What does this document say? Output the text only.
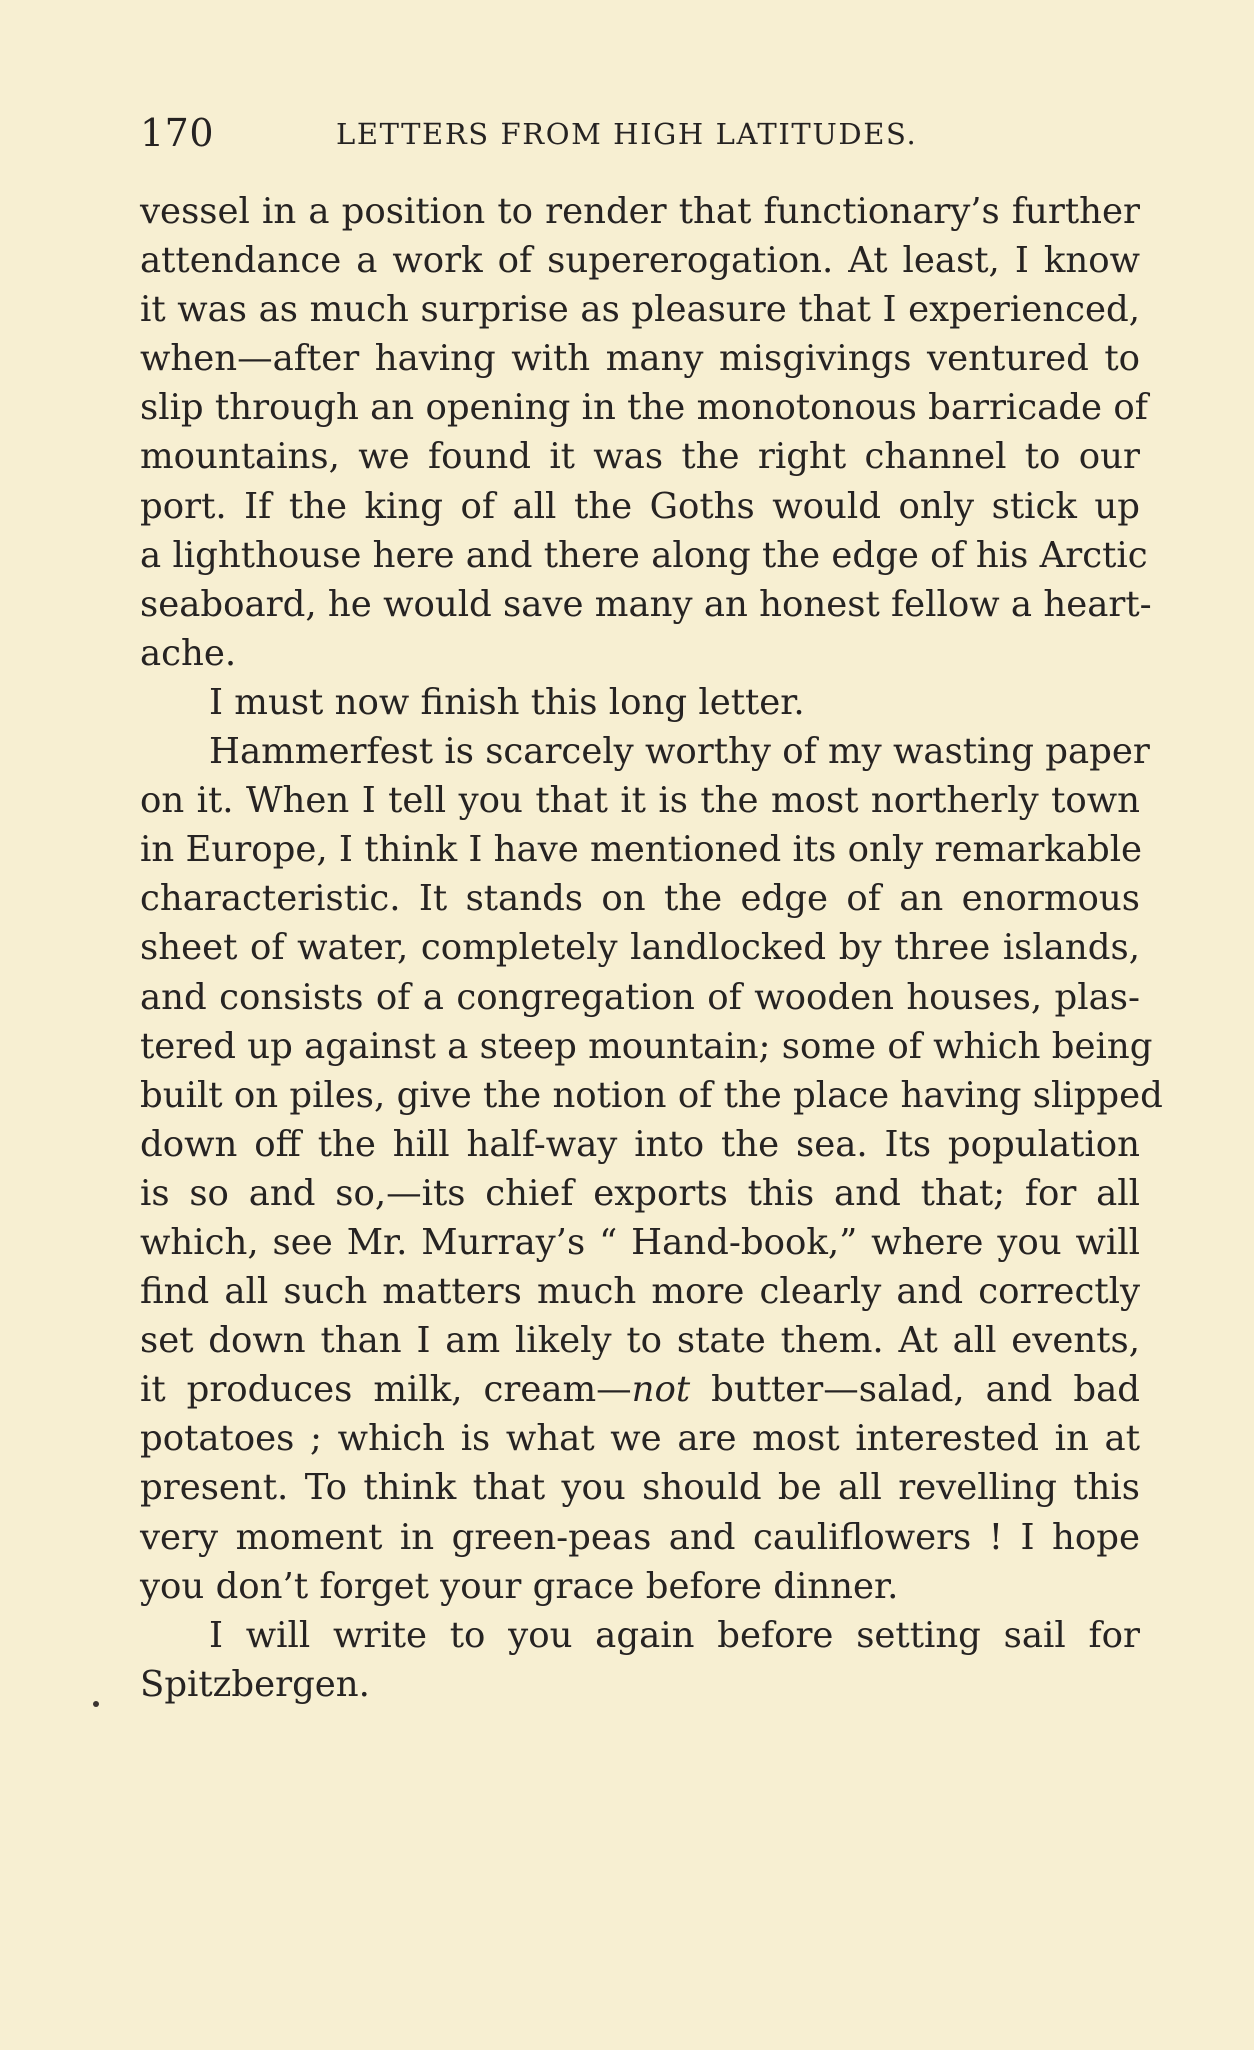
170	LETTERS FROM HIGH LATITUDES.
vessel in a position to render that functionary’s further
attendance a work of supererogation. At least, I know
it was as much surprise as pleasure that I experienced,
when—after having with many misgivings ventured to
slip through an opening in the monotonous barricade of
mountains, we found it was the right channel to our
port. If the king of all the Goths would only stick up
a lighthouse here and there along the edge of his Arctic
seaboard, he would save many an honest fellow a heart-
ache.
I must now finish this long letter.
Hammerfest is scarcely worthy of my wasting paper
on it. When I tell you that it is the most northerly town
in Europe, I think I have mentioned its only remarkable
characteristic. It stands on the edge of an enormous
sheet of water, completely landlocked by three islands,
and consists of a congregation of wooden houses, plas-
tered up against a steep mountain; some of which being
built on piles, give the notion of the place having slipped
down off the hill half-way into the sea. Its population
is so and so,—its chief exports this and that; for all
which, see Mr. Murray’s “ Hand-book,” where you will
find all such matters much more clearly and correctly
set down than I am likely to state them. At all events,
it produces milk, cream—not butter—salad, and bad
potatoes ; which is what we are most interested in at
present. To think that you should be all revelling this
very moment in green-peas and cauliflowers ! I hope
you don’t forget your grace before dinner.
I will write to you again before setting sail for
Spitzbergen.
